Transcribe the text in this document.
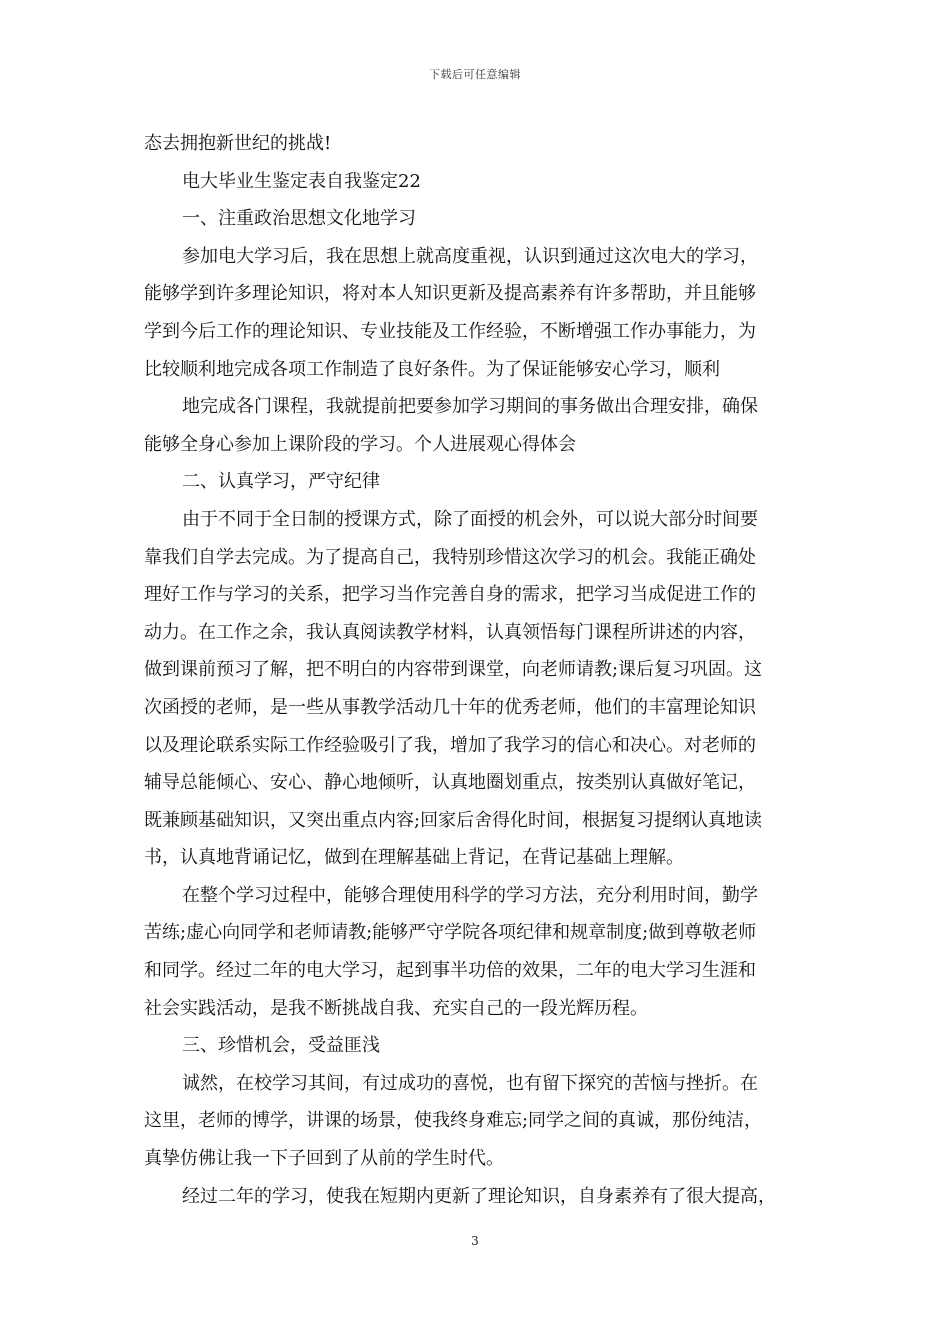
下载后可任意编辑
态去拥抱新世纪的挑战!
电大毕业生鉴定表自我鉴定22
一、注重政治思想文化地学习
参加电大学习后，我在思想上就高度重视，认识到通过这次电大的学习，
能够学到许多理论知识，将对本人知识更新及提高素养有许多帮助，并且能够
学到今后工作的理论知识、专业技能及工作经验，不断增强工作办事能力，为
比较顺利地完成各项工作制造了良好条件。为了保证能够安心学习，顺利
地完成各门课程，我就提前把要参加学习期间的事务做出合理安排，确保
能够全身心参加上课阶段的学习。个人进展观心得体会
二、认真学习，严守纪律
由于不同于全日制的授课方式，除了面授的机会外，可以说大部分时间要
靠我们自学去完成。为了提高自己，我特别珍惜这次学习的机会。我能正确处
理好工作与学习的关系，把学习当作完善自身的需求，把学习当成促进工作的
动力。在工作之余，我认真阅读教学材料，认真领悟每门课程所讲述的内容，
做到课前预习了解，把不明白的内容带到课堂，向老师请教;课后复习巩固。这
次函授的老师，是一些从事教学活动几十年的优秀老师，他们的丰富理论知识
以及理论联系实际工作经验吸引了我，增加了我学习的信心和决心。对老师的
辅导总能倾心、安心、静心地倾听，认真地圈划重点，按类别认真做好笔记，
既兼顾基础知识，又突出重点内容;回家后舍得化时间，根据复习提纲认真地读
书，认真地背诵记忆，做到在理解基础上背记，在背记基础上理解。
在整个学习过程中，能够合理使用科学的学习方法，充分利用时间，勤学
苦练;虚心向同学和老师请教;能够严守学院各项纪律和规章制度;做到尊敬老师
和同学。经过二年的电大学习，起到事半功倍的效果，二年的电大学习生涯和
社会实践活动，是我不断挑战自我、充实自己的一段光辉历程。
三、珍惜机会，受益匪浅
诚然，在校学习其间，有过成功的喜悦，也有留下探究的苦恼与挫折。在
这里，老师的博学，讲课的场景，使我终身难忘;同学之间的真诚，那份纯洁，
真挚仿佛让我一下子回到了从前的学生时代。
经过二年的学习，使我在短期内更新了理论知识，自身素养有了很大提高，
3
